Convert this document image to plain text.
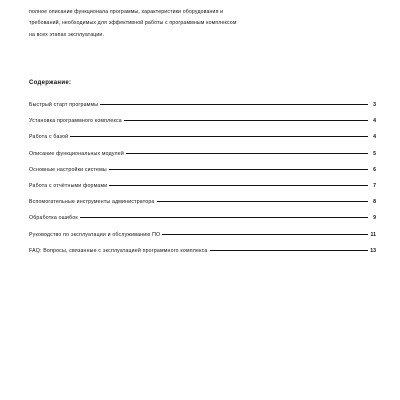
полное описание функционала программы, характеристики оборудования и
требований, необходимых для эффективной работы с программным комплексом
на всех этапах эксплуатации.
Содержание:
Быстрый старт программы	3
Установка программного комплекса	4
Работа с базой	4
Описание функциональных модулей	5
Основные настройки системы	6
Работа с отчётными формами	7
Вспомогательные инструменты администратора	8
Обработка ошибок	9
Руководство по эксплуатации и обслуживанию ПО	11
FAQ: Вопросы, связанные с эксплуатацией программного комплекса	13
